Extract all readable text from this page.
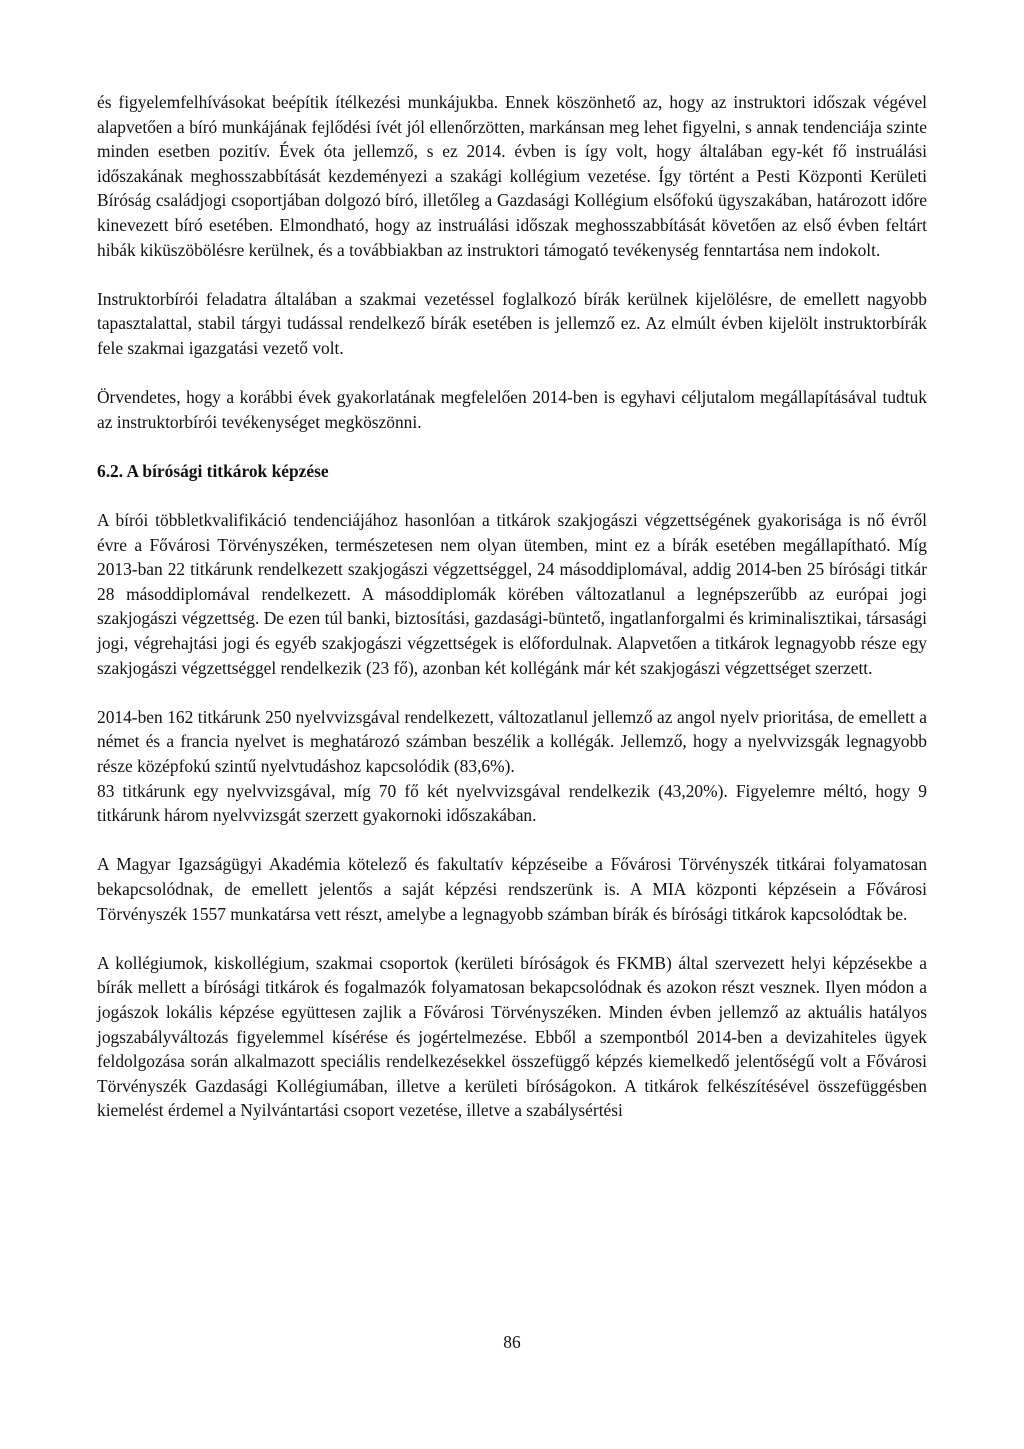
és figyelemfelhívásokat beépítik ítélkezési munkájukba. Ennek köszönhető az, hogy az instruktori időszak végével alapvetően a bíró munkájának fejlődési ívét jól ellenőrzötten, markánsan meg lehet figyelni, s annak tendenciája szinte minden esetben pozitív. Évek óta jellemző, s ez 2014. évben is így volt, hogy általában egy-két fő instruálási időszakának meghosszabbítását kezdeményezi a szakági kollégium vezetése. Így történt a Pesti Központi Kerületi Bíróság családjogi csoportjában dolgozó bíró, illetőleg a Gazdasági Kollégium elsőfokú ügyszakában, határozott időre kinevezett bíró esetében. Elmondható, hogy az instruálási időszak meghosszabbítását követően az első évben feltárt hibák kiküszöbölésre kerülnek, és a továbbiakban az instruktori támogató tevékenység fenntartása nem indokolt.

Instruktorbírói feladatra általában a szakmai vezetéssel foglalkozó bírák kerülnek kijelölésre, de emellett nagyobb tapasztalattal, stabil tárgyi tudással rendelkező bírák esetében is jellemző ez. Az elmúlt évben kijelölt instruktorbírák fele szakmai igazgatási vezető volt.

Örvendetes, hogy a korábbi évek gyakorlatának megfelelően 2014-ben is egyhavi céljutalom megállapításával tudtuk az instruktorbírói tevékenységet megköszönni.

6.2. A bírósági titkárok képzése

A bírói többletkvalifikáció tendenciájához hasonlóan a titkárok szakjogászi végzettségének gyakorisága is nő évről évre a Fővárosi Törvényszéken, természetesen nem olyan ütemben, mint ez a bírák esetében megállapítható. Míg 2013-ban 22 titkárunk rendelkezett szakjogászi végzettséggel, 24 másoddiplomával, addig 2014-ben 25 bírósági titkár 28 másoddiplomával rendelkezett. A másoddiplomák körében változatlanul a legnépszerűbb az európai jogi szakjogászi végzettség. De ezen túl banki, biztosítási, gazdasági-büntető, ingatlanforgalmi és kriminalisztikai, társasági jogi, végrehajtási jogi és egyéb szakjogászi végzettségek is előfordulnak. Alapvetően a titkárok legnagyobb része egy szakjogászi végzettséggel rendelkezik (23 fő), azonban két kollégánk már két szakjogászi végzettséget szerzett.

2014-ben 162 titkárunk 250 nyelvvizsgával rendelkezett, változatlanul jellemző az angol nyelv prioritása, de emellett a német és a francia nyelvet is meghatározó számban beszélik a kollégák. Jellemző, hogy a nyelvvizsgák legnagyobb része középfokú szintű nyelvtudáshoz kapcsolódik (83,6%).

83 titkárunk egy nyelvvizsgával, míg 70 fő két nyelvvizsgával rendelkezik (43,20%). Figyelemre méltó, hogy 9 titkárunk három nyelvvizsgát szerzett gyakornoki időszakában.

A Magyar Igazságügyi Akadémia kötelező és fakultatív képzéseibe a Fővárosi Törvényszék titkárai folyamatosan bekapcsolódnak, de emellett jelentős a saját képzési rendszerünk is. A MIA központi képzésein a Fővárosi Törvényszék 1557 munkatársa vett részt, amelybe a legnagyobb számban bírák és bírósági titkárok kapcsolódtak be.

A kollégiumok, kiskollégium, szakmai csoportok (kerületi bíróságok és FKMB) által szervezett helyi képzésekbe a bírák mellett a bírósági titkárok és fogalmazók folyamatosan bekapcsolódnak és azokon részt vesznek. Ilyen módon a jogászok lokális képzése együttesen zajlik a Fővárosi Törvényszéken. Minden évben jellemző az aktuális hatályos jogszabályváltozás figyelemmel kísérése és jogértelmezése. Ebből a szempontból 2014-ben a devizahiteles ügyek feldolgozása során alkalmazott speciális rendelkezésekkel összefüggő képzés kiemelkedő jelentőségű volt a Fővárosi Törvényszék Gazdasági Kollégiumában, illetve a kerületi bíróságokon. A titkárok felkészítésével összefüggésben kiemelést érdemel a Nyilvántartási csoport vezetése, illetve a szabálysértési

86
